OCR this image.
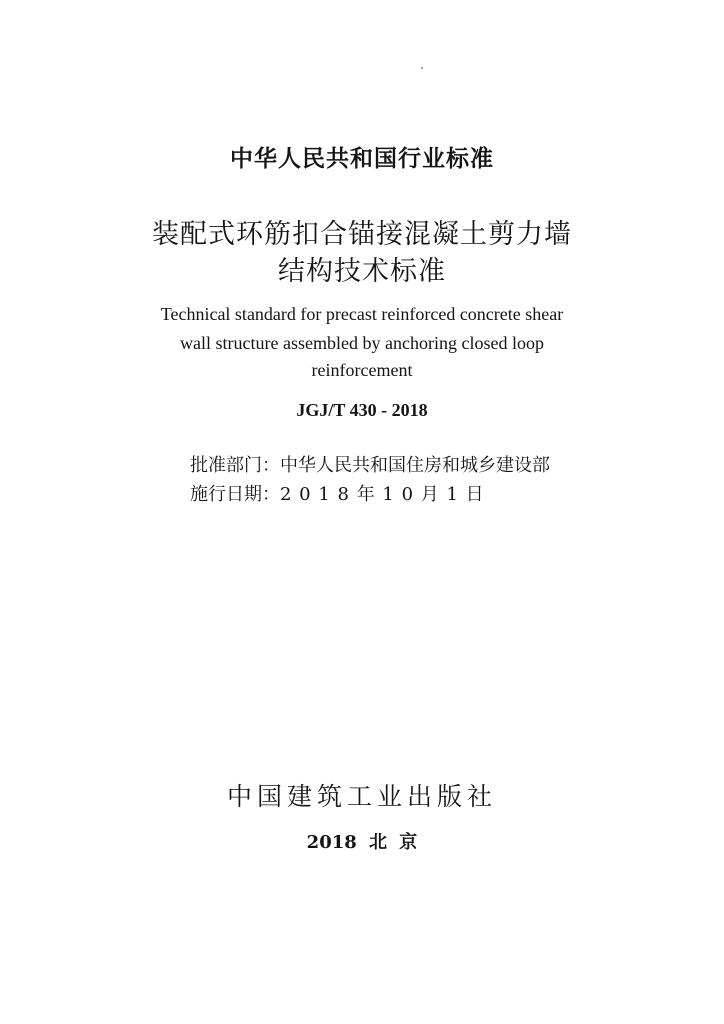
中华人民共和国行业标准
装配式环筋扣合锚接混凝土剪力墙
结构技术标准
Technical standard for precast reinforced concrete shear
wall structure assembled by anchoring closed loop
reinforcement
JGJ/T 430 - 2018
批准部门：中华人民共和国住房和城乡建设部
施行日期：2 0 1 8 年 1 0 月 1 日
中国建筑工业出版社
2018 北 京
